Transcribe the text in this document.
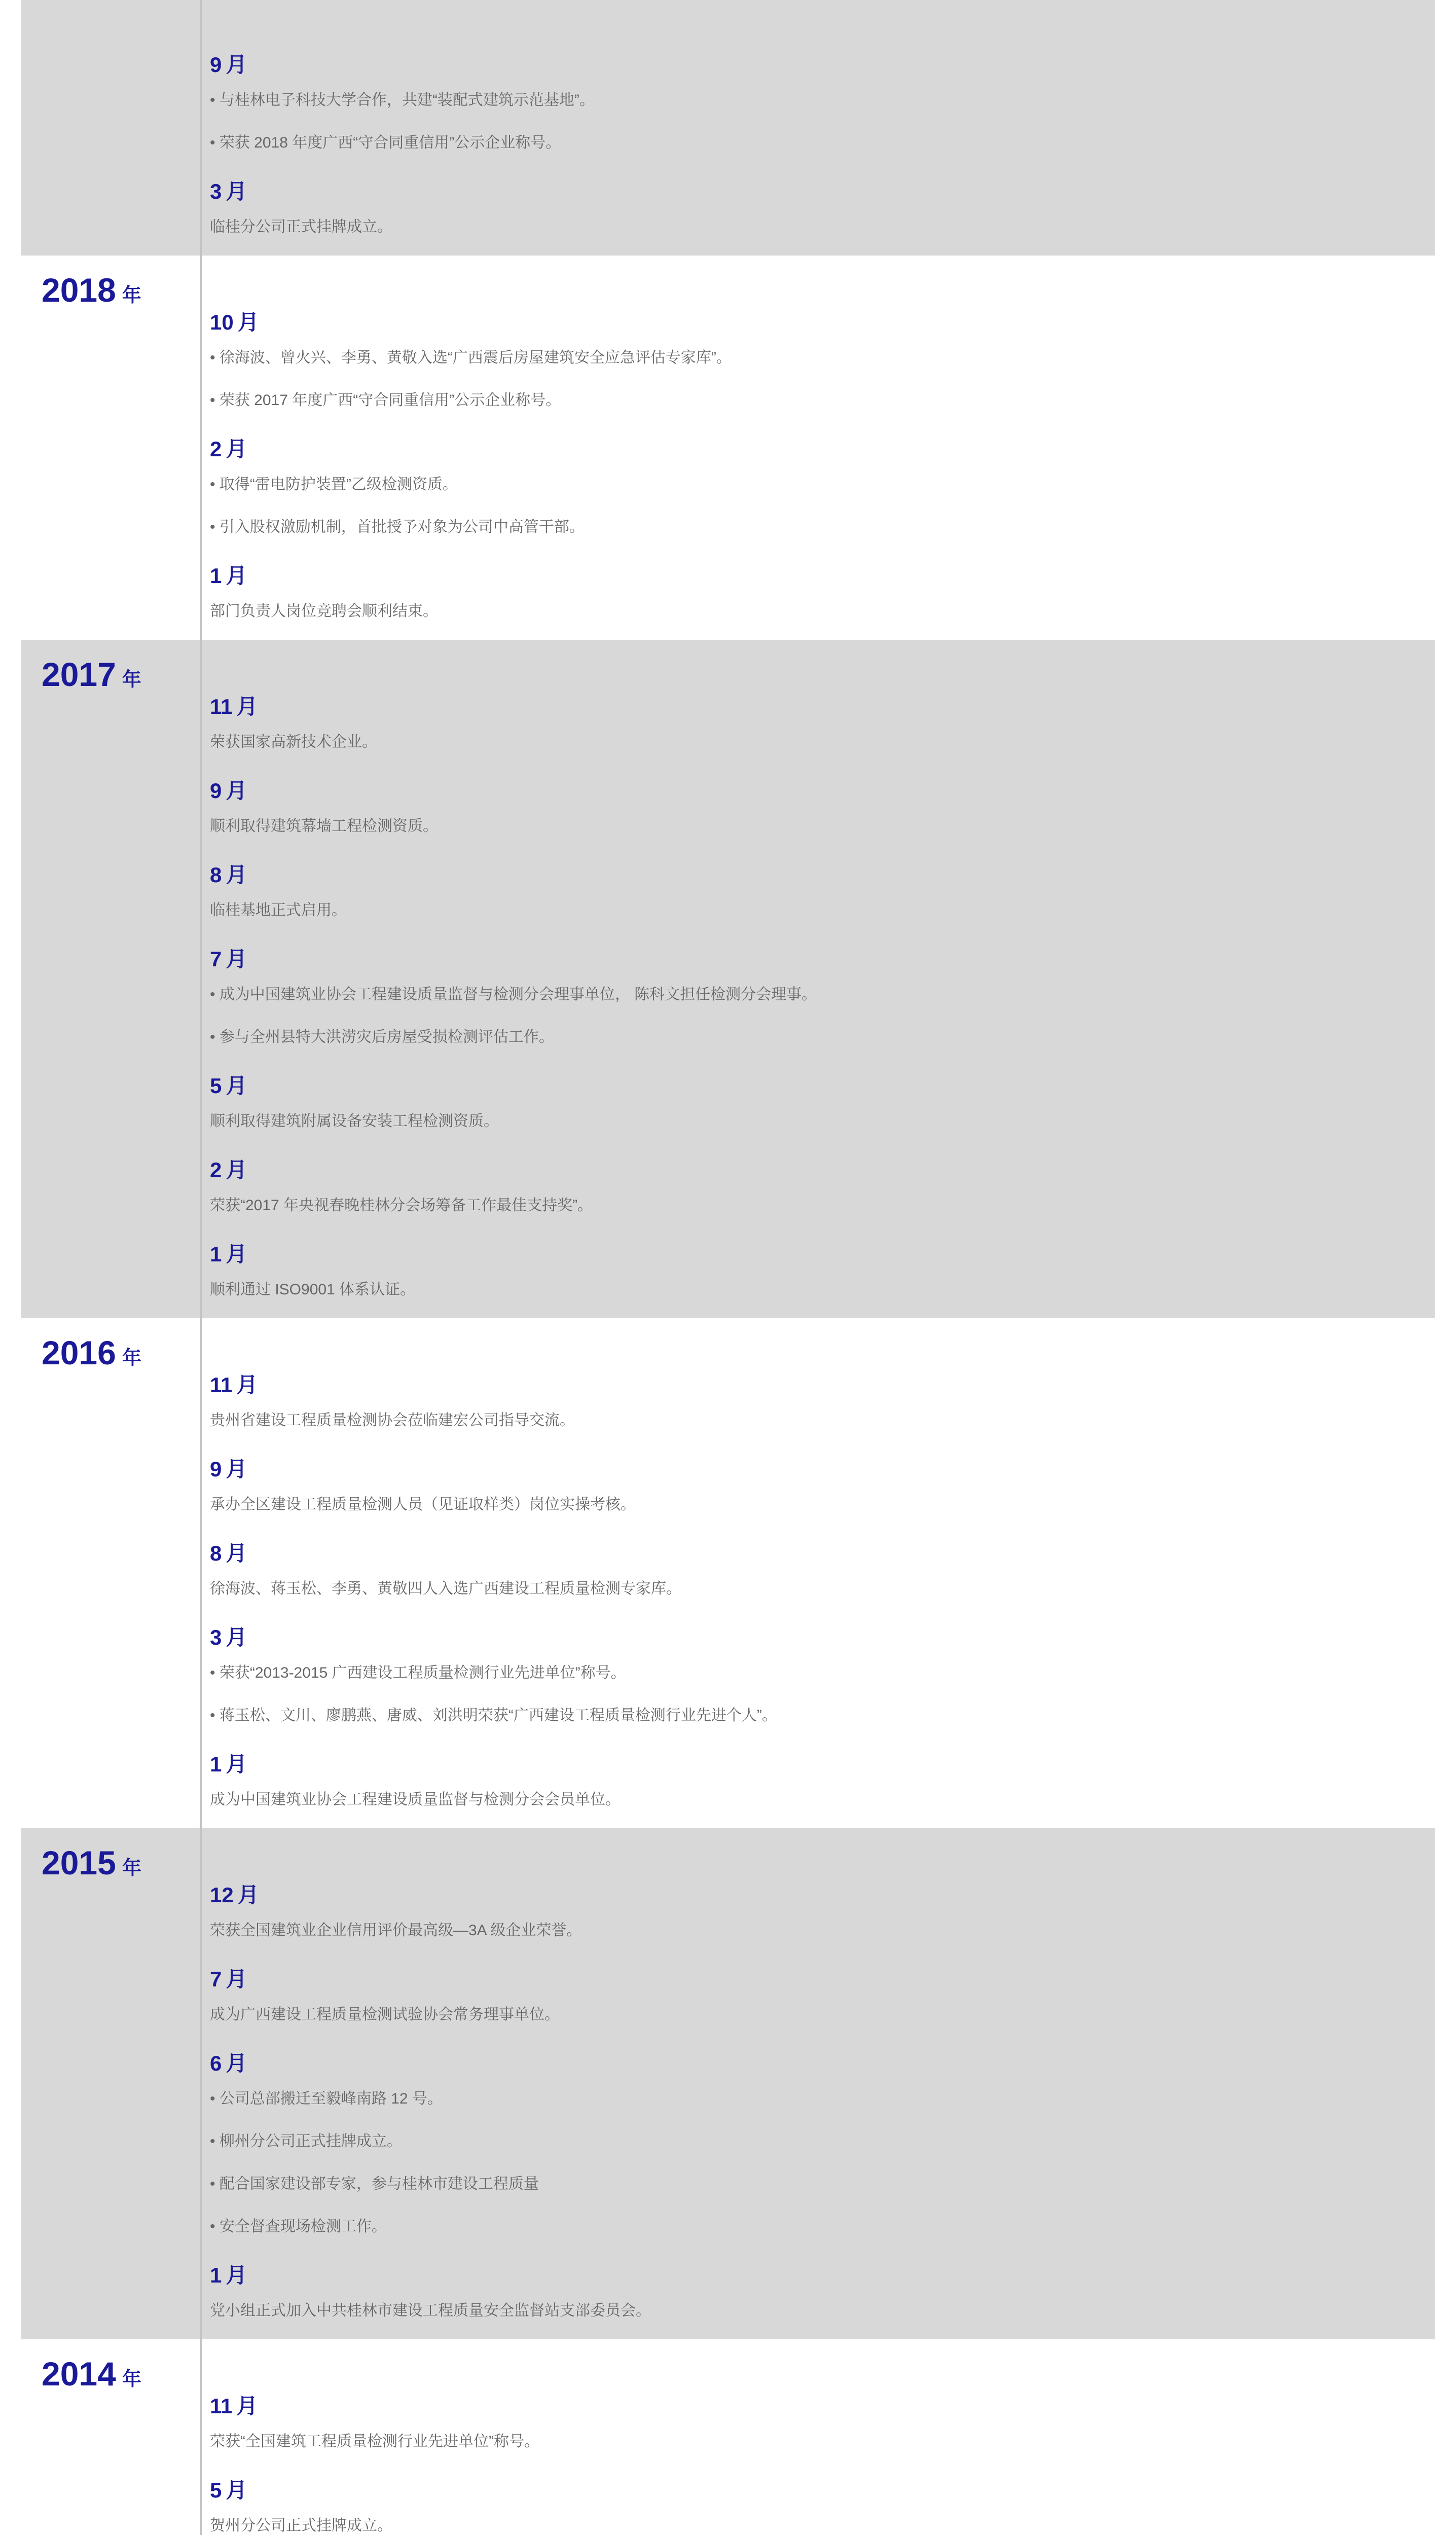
9 月
• 与桂林电子科技大学合作，共建“装配式建筑示范基地”。
• 荣获 2018 年度广西“守合同重信用”公示企业称号。
3 月
临桂分公司正式挂牌成立。
2018 年
10 月
• 徐海波、曾火兴、李勇、黄敬入选“广西震后房屋建筑安全应急评估专家库”。
• 荣获 2017 年度广西“守合同重信用”公示企业称号。
2 月
• 取得“雷电防护装置”乙级检测资质。
• 引入股权激励机制，首批授予对象为公司中高管干部。
1 月
部门负责人岗位竞聘会顺利结束。
2017 年
11 月
荣获国家高新技术企业。
9 月
顺利取得建筑幕墙工程检测资质。
8 月
临桂基地正式启用。
7 月
• 成为中国建筑业协会工程建设质量监督与检测分会理事单位， 陈科文担任检测分会理事。
• 参与全州县特大洪涝灾后房屋受损检测评估工作。
5 月
顺利取得建筑附属设备安装工程检测资质。
2 月
荣获“2017 年央视春晚桂林分会场筹备工作最佳支持奖”。
1 月
顺利通过 ISO9001 体系认证。
2016 年
11 月
贵州省建设工程质量检测协会莅临建宏公司指导交流。
9 月
承办全区建设工程质量检测人员（见证取样类）岗位实操考核。
8 月
徐海波、蒋玉松、李勇、黄敬四人入选广西建设工程质量检测专家库。
3 月
• 荣获“2013-2015 广西建设工程质量检测行业先进单位”称号。
• 蒋玉松、文川、廖鹏燕、唐威、刘洪明荣获“广西建设工程质量检测行业先进个人”。
1 月
成为中国建筑业协会工程建设质量监督与检测分会会员单位。
2015 年
12 月
荣获全国建筑业企业信用评价最高级—3A 级企业荣誉。
7 月
成为广西建设工程质量检测试验协会常务理事单位。
6 月
• 公司总部搬迁至毅峰南路 12 号。
• 柳州分公司正式挂牌成立。
• 配合国家建设部专家，参与桂林市建设工程质量
• 安全督查现场检测工作。
1 月
党小组正式加入中共桂林市建设工程质量安全监督站支部委员会。
2014 年
11 月
荣获“全国建筑工程质量检测行业先进单位”称号。
5 月
贺州分公司正式挂牌成立。
